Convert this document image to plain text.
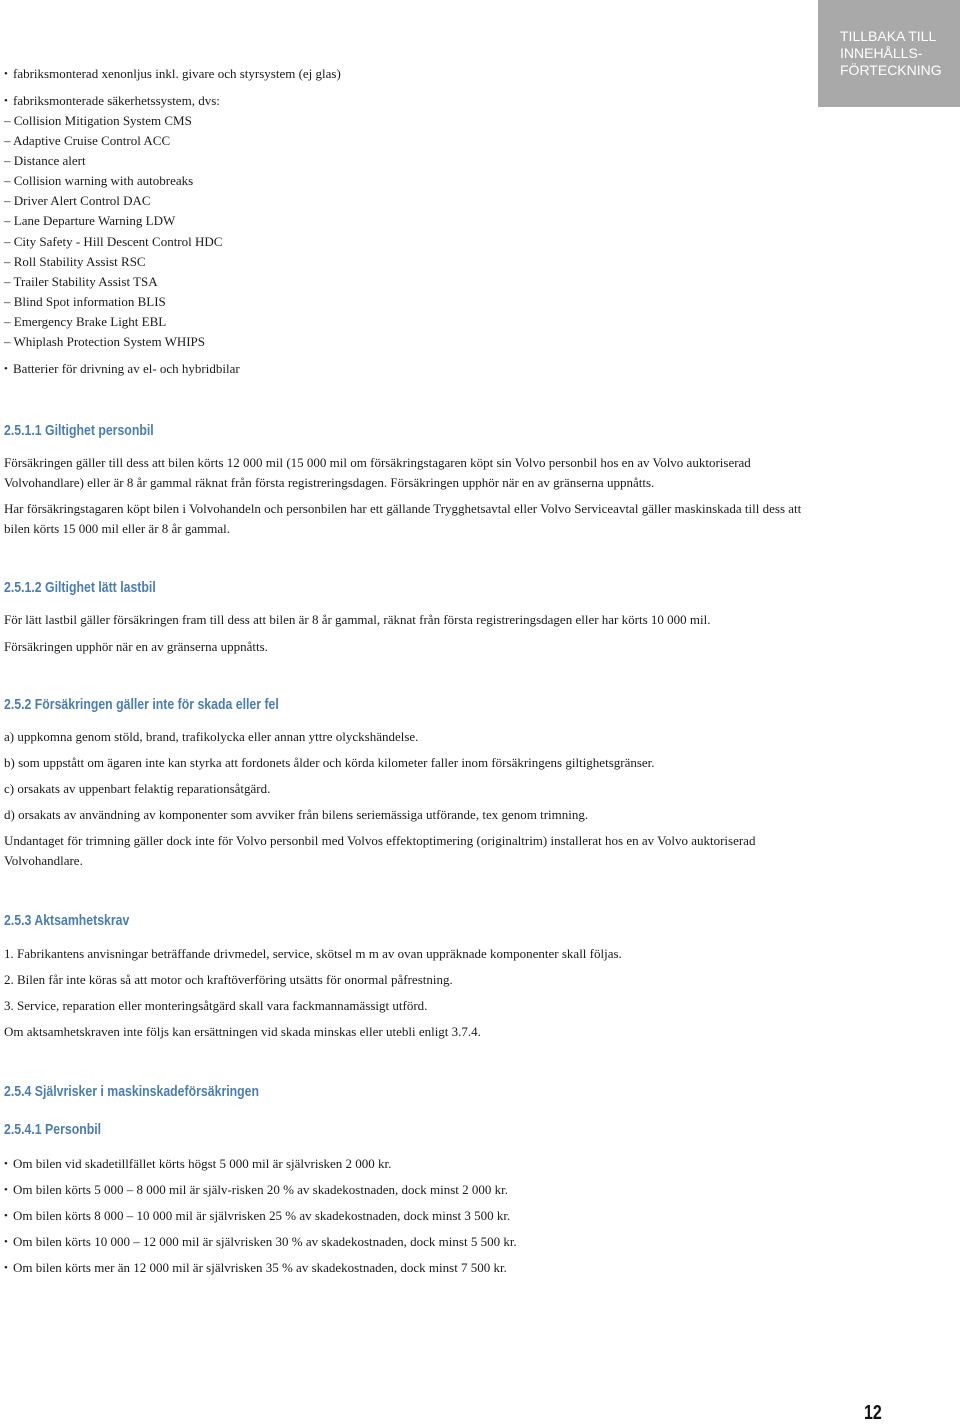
TILLBAKA TILL
INNEHÅLLS-
FÖRTECKNING
• fabriksmonterad xenonljus inkl. givare och styrsystem (ej glas)
• fabriksmonterade säkerhetssystem, dvs:
– Collision Mitigation System CMS
– Adaptive Cruise Control ACC
– Distance alert
– Collision warning with autobreaks
– Driver Alert Control DAC
– Lane Departure Warning LDW
– City Safety - Hill Descent Control HDC
– Roll Stability Assist RSC
– Trailer Stability Assist TSA
– Blind Spot information BLIS
– Emergency Brake Light EBL
– Whiplash Protection System WHIPS
• Batterier för drivning av el- och hybridbilar
2.5.1.1 Giltighet personbil

Försäkringen gäller till dess att bilen körts 12 000 mil (15 000 mil om försäkringstagaren köpt sin Volvo personbil hos en av Volvo auktoriserad Volvohandlare) eller är 8 år gammal räknat från första registreringsdagen. Försäkringen upphör när en av gränserna uppnåtts.

Har försäkringstagaren köpt bilen i Volvohandeln och personbilen har ett gällande Trygghetsavtal eller Volvo Serviceavtal gäller maskinskada till dess att bilen körts 15 000 mil eller är 8 år gammal.

2.5.1.2 Giltighet lätt lastbil

För lätt lastbil gäller försäkringen fram till dess att bilen är 8 år gammal, räknat från första registreringsdagen eller har körts 10 000 mil.

Försäkringen upphör när en av gränserna uppnåtts.

2.5.2 Försäkringen gäller inte för skada eller fel

a) uppkomna genom stöld, brand, trafikolycka eller annan yttre olyckshändelse.

b) som uppstått om ägaren inte kan styrka att fordonets ålder och körda kilometer faller inom försäkringens giltighetsgränser.

c) orsakats av uppenbart felaktig reparationsåtgärd.

d) orsakats av användning av komponenter som avviker från bilens seriemässiga utförande, tex genom trimning.

Undantaget för trimning gäller dock inte för Volvo personbil med Volvos effektoptimering (originaltrim) installerat hos en av Volvo auktoriserad Volvohandlare.

2.5.3 Aktsamhetskrav

1. Fabrikantens anvisningar beträffande drivmedel, service, skötsel m m av ovan uppräknade komponenter skall följas.

2. Bilen får inte köras så att motor och kraftöverföring utsätts för onormal påfrestning.

3. Service, reparation eller monteringsåtgärd skall vara fackmannamässigt utförd.

Om aktsamhetskraven inte följs kan ersättningen vid skada minskas eller utebli enligt 3.7.4.

2.5.4 Självrisker i maskinskadeförsäkringen
2.5.4.1 Personbil
• Om bilen vid skadetillfället körts högst 5 000 mil är självrisken 2 000 kr.
• Om bilen körts 5 000 – 8 000 mil är själv-risken 20 % av skadekostnaden, dock minst 2 000 kr.
• Om bilen körts 8 000 – 10 000 mil är självrisken 25 % av skadekostnaden, dock minst 3 500 kr.
• Om bilen körts 10 000 – 12 000 mil är självrisken 30 % av skadekostnaden, dock minst 5 500 kr.
• Om bilen körts mer än 12 000 mil är självrisken 35 % av skadekostnaden, dock minst 7 500 kr.
12
